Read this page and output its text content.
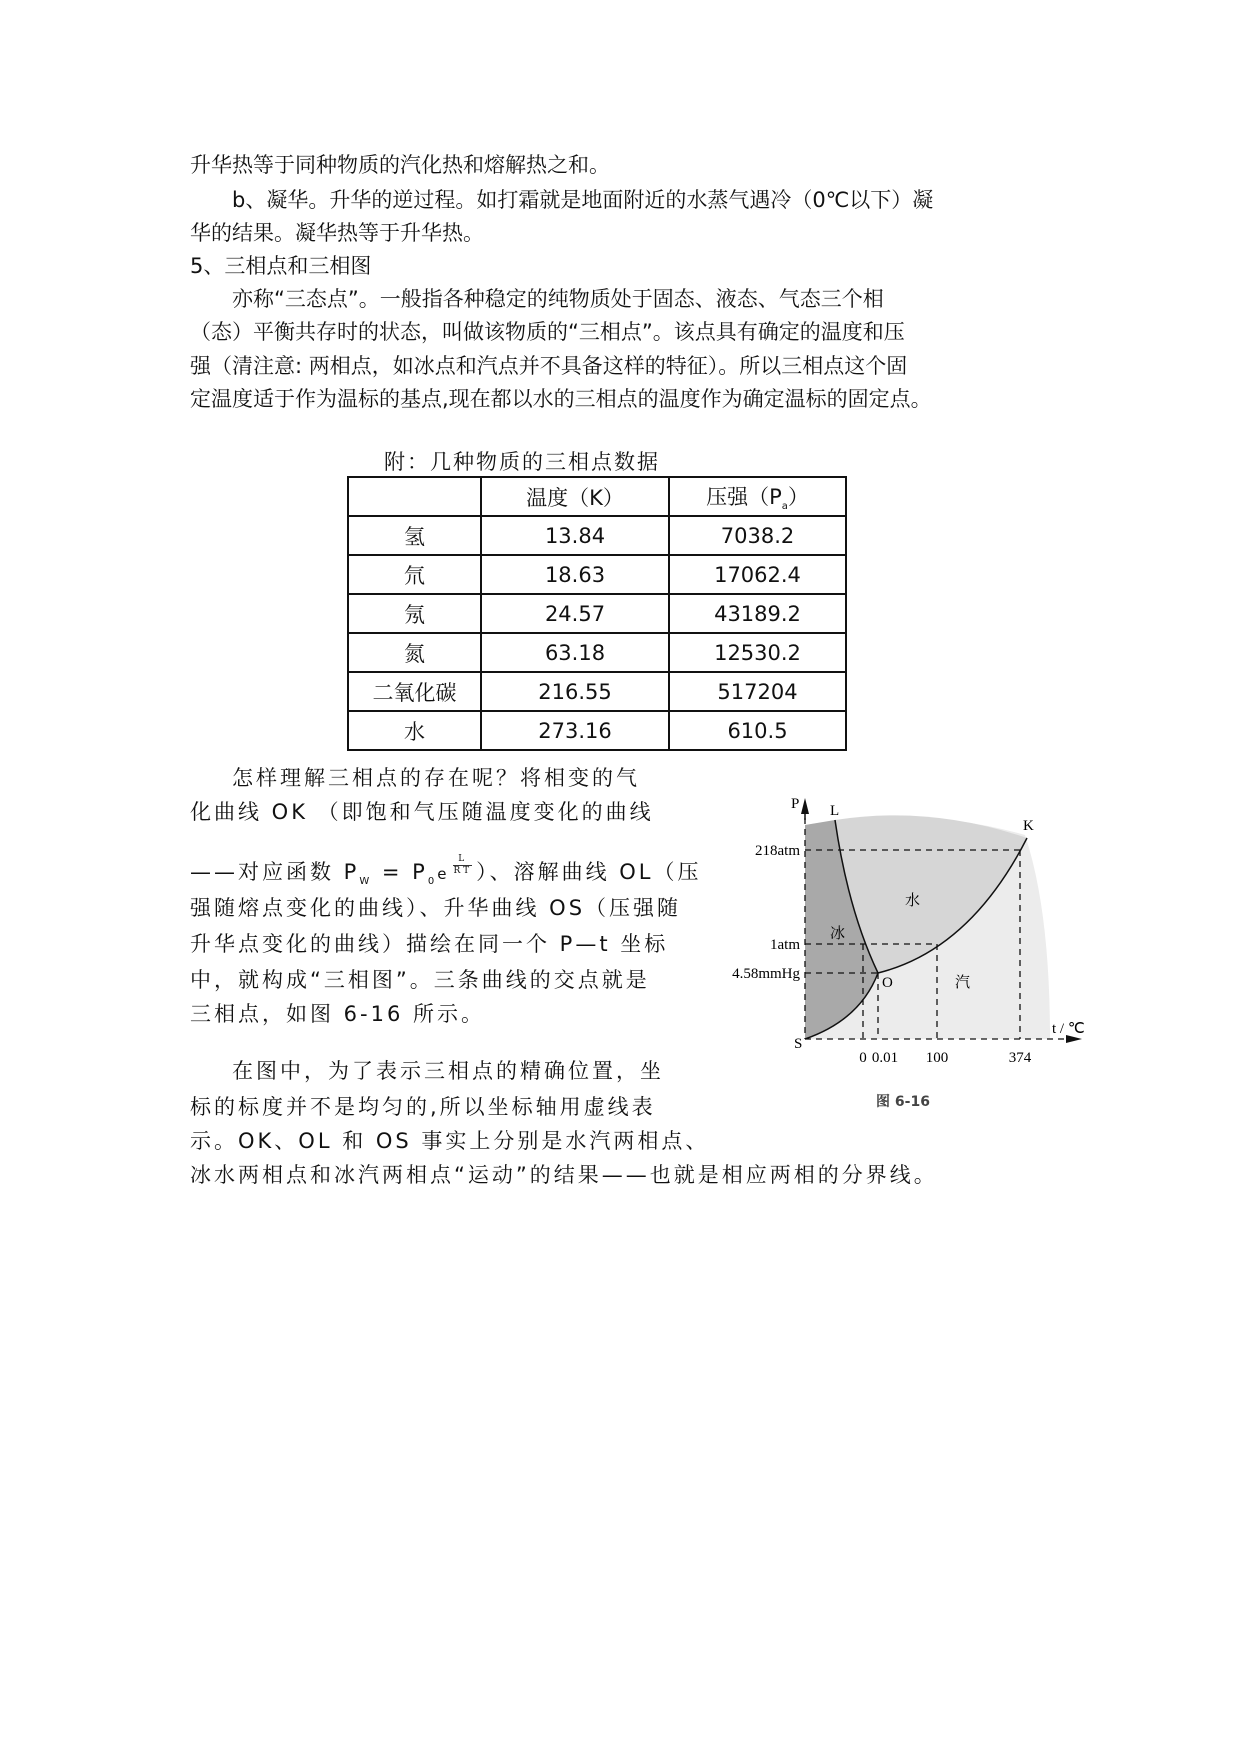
升华热等于同种物质的汽化热和熔解热之和。
b、凝华。升华的逆过程。如打霜就是地面附近的水蒸气遇冷（0℃以下）凝
华的结果。凝华热等于升华热。
5、三相点和三相图
亦称“三态点”。一般指各种稳定的纯物质处于固态、液态、气态三个相
（态）平衡共存时的状态，叫做该物质的“三相点”。该点具有确定的温度和压
强（清注意: 两相点，如冰点和汽点并不具备这样的特征）。所以三相点这个固
定温度适于作为温标的基点,现在都以水的三相点的温度作为确定温标的固定点。
附：几种物质的三相点数据
	温度（K）	压强$(P_a)$
氢	13.84	7038.2
氘	18.63	17062.4
氖	24.57	43189.2
氮	63.18	12530.2
二氧化碳	216.55	517204
水	273.16	610.5
怎样理解三相点的存在呢？将相变的气
化曲线 OK （即饱和气压随温度变化的曲线
——对应函数 $P_W = P_0e \frac{L}{RT}$ ）、溶解曲线 OL（压
强随熔点变化的曲线）、升华曲线 OS（压强随
升华点变化的曲线）描绘在同一个 P—t 坐标
中，就构成“三相图”。三条曲线的交点就是
三相点，如图 6-16 所示。
在图中，为了表示三相点的精确位置，坐
标的标度并不是均匀的,所以坐标轴用虚线表
示。OK、OL 和 OS 事实上分别是水汽两相点、
冰水两相点和冰汽两相点“运动”的结果——也就是相应两相的分界线。
P L
K
O
S
218atm
1atm
4.58mmHg
0 0.01 100	374
t / ℃
水
冰
汽
图 6-16
